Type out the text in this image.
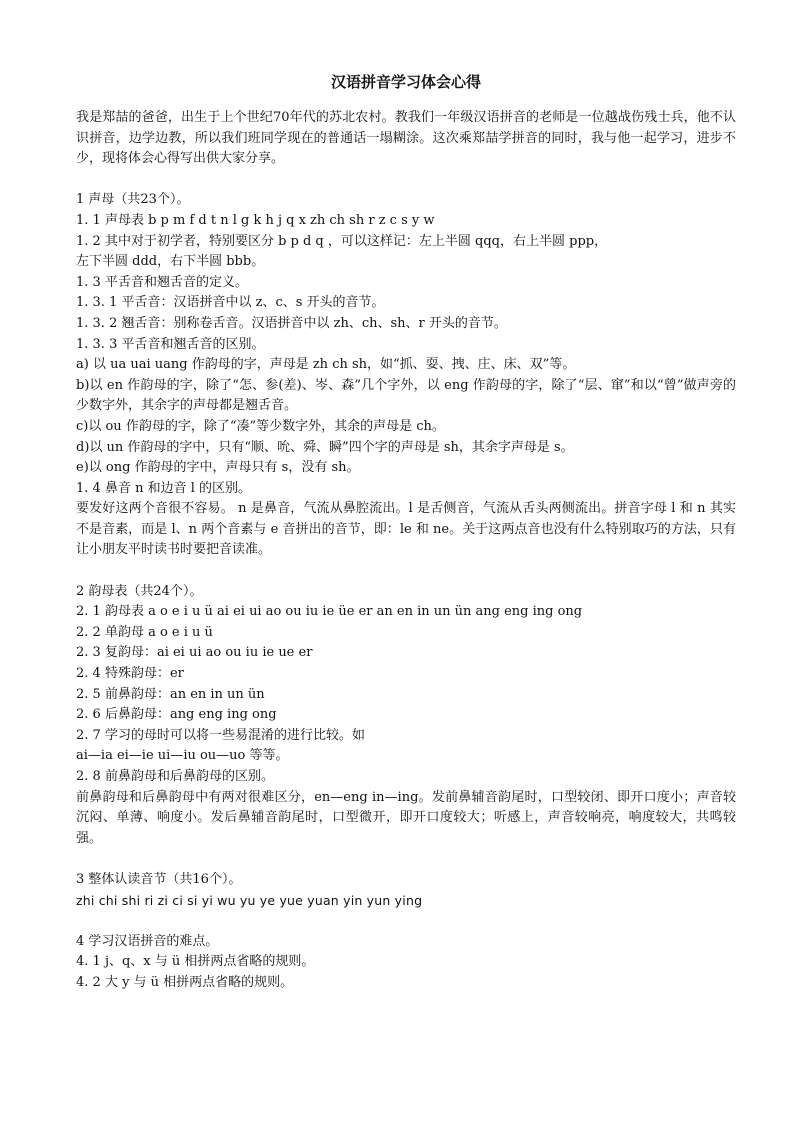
汉语拼音学习体会心得
我是郑喆的爸爸，出生于上个世纪70年代的苏北农村。教我们一年级汉语拼音的老师是一位越战伤残士兵，他不认识拼音，边学边教，所以我们班同学现在的普通话一塌糊涂。这次乘郑喆学拼音的同时，我与他一起学习，进步不少，现将体会心得写出供大家分享。
1 声母（共23个）。
1. 1 声母表 b p m f d t n l g k h j q x zh ch sh r z c s y w
1. 2 其中对于初学者，特别要区分 b p d q ，可以这样记：左上半圆 qqq，右上半圆 ppp，
左下半圆 ddd，右下半圆 bbb。
1. 3 平舌音和翘舌音的定义。
1. 3. 1 平舌音：汉语拼音中以 z、c、s 开头的音节。
1. 3. 2 翘舌音：别称卷舌音。汉语拼音中以 zh、ch、sh、r 开头的音节。
1. 3. 3 平舌音和翘舌音的区别。
a) 以 ua uai uang 作韵母的字，声母是 zh ch sh，如“抓、耍、拽、庄、床、双”等。
b)以 en 作韵母的字，除了“怎、参(差)、岑、森”几个字外，以 eng 作韵母的字，除了“层、窜”和以“曾”做声旁的少数字外，其余字的声母都是翘舌音。
c)以 ou 作韵母的字，除了“凑”等少数字外，其余的声母是 ch。
d)以 un 作韵母的字中，只有“顺、吮、舜、瞬”四个字的声母是 sh，其余字声母是 s。
e)以 ong 作韵母的字中，声母只有 s，没有 sh。
1. 4 鼻音 n 和边音 l 的区别。
要发好这两个音很不容易。 n 是鼻音，气流从鼻腔流出。l 是舌侧音，气流从舌头两侧流出。拼音字母 l 和 n 其实不是音素，而是 l、n 两个音素与 e 音拼出的音节，即：le 和 ne。关于这两点音也没有什么特别取巧的方法，只有让小朋友平时读书时要把音读准。
2 韵母表（共24个）。
2. 1 韵母表 a o e i u ü ai ei ui ao ou iu ie üe er an en in un ün ang eng ing ong
2. 2 单韵母 a o e i u ü
2. 3 复韵母：ai ei ui ao ou iu ie ue er
2. 4 特殊韵母：er
2. 5 前鼻韵母：an en in un ün
2. 6 后鼻韵母：ang eng ing ong
2. 7 学习的母时可以将一些易混淆的进行比较。如
ai—ia ei—ie ui—iu ou—uo 等等。
2. 8 前鼻韵母和后鼻韵母的区别。
前鼻韵母和后鼻韵母中有两对很难区分，en—eng in—ing。发前鼻辅音韵尾时，口型较闭、即开口度小；声音较沉闷、单薄、响度小。发后鼻辅音韵尾时，口型微开，即开口度较大；听感上，声音较响亮，响度较大，共鸣较强。
3 整体认读音节（共16个）。
zhi chi shi ri zi ci si yi wu yu ye yue yuan yin yun ying
4 学习汉语拼音的难点。
4. 1 j、q、x 与 ü 相拼两点省略的规则。
4. 2 大 y 与 ü 相拼两点省略的规则。
